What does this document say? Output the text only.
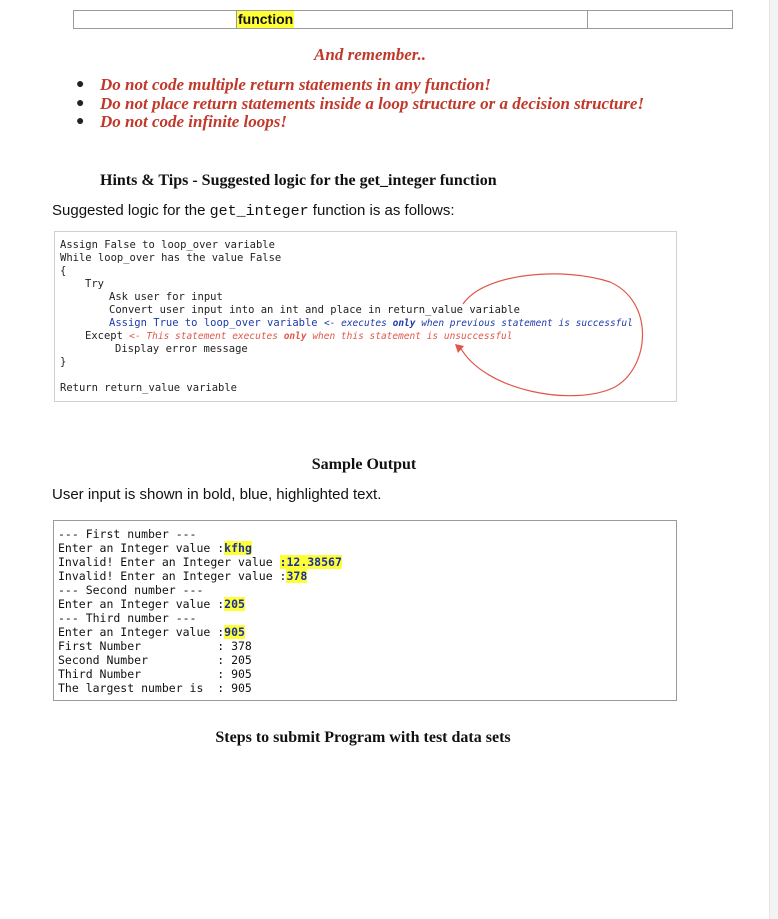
function
And remember..
● Do not code multiple return statements in any function!
● Do not place return statements inside a loop structure or a decision structure!
● Do not code infinite loops!
Hints & Tips - Suggested logic for the get_integer function
Suggested logic for the get_integer function is as follows:
Assign False to loop_over variable
While loop_over has the value False
{
Try
Ask user for input
Convert user input into an int and place in return_value variable
Assign True to loop_over variable <- executes only when previous statement is successful
Except <- This statement executes only when this statement is unsuccessful
Display error message
}
Return return_value variable
Sample Output
User input is shown in bold, blue, highlighted text.
--- First number ---
Enter an Integer value :kfhg
Invalid! Enter an Integer value :12.38567
Invalid! Enter an Integer value :378
--- Second number ---
Enter an Integer value :205
--- Third number ---
Enter an Integer value :905
First Number           : 378
Second Number          : 205
Third Number           : 905
The largest number is  : 905
Steps to submit Program with test data sets
